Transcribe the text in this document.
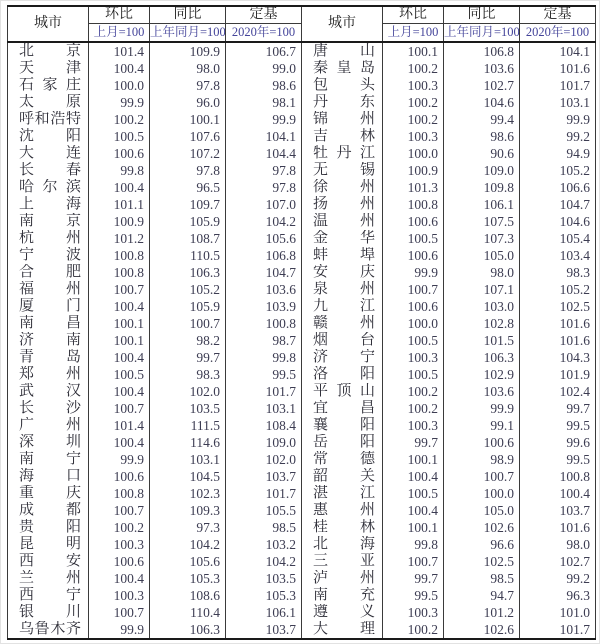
城市	环比	同比	定基	城市	环比	同比	定基
	上月=100	上年同月=100	2020年=100		上月=100	上年同月=100	2020年=100
北京	101.4	109.9	106.7	唐山	100.1	106.8	104.1
天津	100.4	98.0	99.0	秦皇岛	100.2	103.6	101.6
石家庄	100.0	97.8	98.6	包头	100.3	102.7	101.7
太原	99.9	96.0	98.1	丹东	100.2	104.6	103.1
呼和浩特	100.2	100.1	99.9	锦州	100.2	99.4	99.9
沈阳	100.5	107.6	104.1	吉林	100.3	98.6	99.2
大连	100.6	107.2	104.4	牡丹江	100.0	90.6	94.9
长春	99.8	97.8	97.8	无锡	100.9	109.0	105.2
哈尔滨	100.4	96.5	97.8	徐州	101.3	109.8	106.6
上海	101.1	109.7	107.0	扬州	100.8	106.1	104.7
南京	100.9	105.9	104.2	温州	100.6	107.5	104.6
杭州	101.2	108.7	105.6	金华	100.5	107.3	105.4
宁波	100.8	110.5	106.8	蚌埠	100.6	105.0	103.4
合肥	100.8	106.3	104.7	安庆	99.9	98.0	98.3
福州	100.7	105.2	103.6	泉州	100.7	107.1	105.2
厦门	100.4	105.9	103.9	九江	100.6	103.0	102.5
南昌	100.1	100.7	100.8	赣州	100.0	102.8	101.6
济南	100.1	98.2	98.7	烟台	100.5	101.5	101.6
青岛	100.4	99.7	99.8	济宁	100.3	106.3	104.3
郑州	100.5	98.3	99.5	洛阳	100.5	102.9	101.9
武汉	100.4	102.0	101.7	平顶山	100.2	103.6	102.4
长沙	100.7	103.5	103.1	宜昌	100.2	99.9	99.7
广州	101.4	111.5	108.4	襄阳	100.3	99.1	99.5
深圳	100.4	114.6	109.0	岳阳	99.7	100.6	99.6
南宁	99.9	103.1	102.0	常德	100.1	98.9	99.5
海口	100.6	104.5	103.7	韶关	100.4	100.7	100.8
重庆	100.8	102.3	101.7	湛江	100.5	100.0	100.4
成都	100.7	109.3	105.5	惠州	100.4	105.0	103.7
贵阳	100.2	97.3	98.5	桂林	100.1	102.6	101.6
昆明	100.3	104.2	103.2	北海	99.8	96.6	98.0
西安	100.6	105.6	104.2	三亚	100.7	102.5	102.7
兰州	100.4	105.3	103.5	泸州	99.7	98.5	99.2
西宁	100.3	108.6	105.3	南充	99.5	94.7	96.3
银川	100.7	110.4	106.1	遵义	100.3	101.2	101.0
乌鲁木齐	99.9	106.3	103.7	大理	100.2	102.6	101.7
